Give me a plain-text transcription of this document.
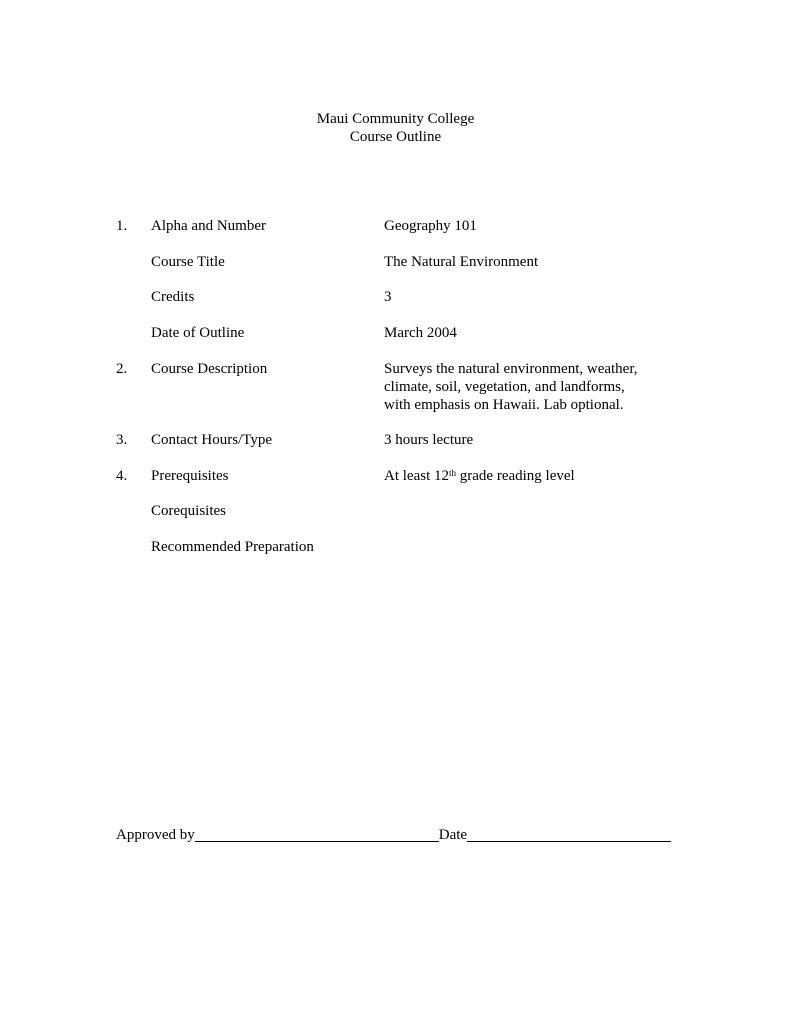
Maui Community College
Course Outline
1. Alpha and Number	Geography 101
Course Title	The Natural Environment
Credits	3
Date of Outline	March 2004
2. Course Description	Surveys the natural environment, weather,
climate, soil, vegetation, and landforms,
with emphasis on Hawaii. Lab optional.
3. Contact Hours/Type	3 hours lecture
4. Prerequisites	At least 12th grade reading level
Corequisites
Recommended Preparation
Approved by	Date
